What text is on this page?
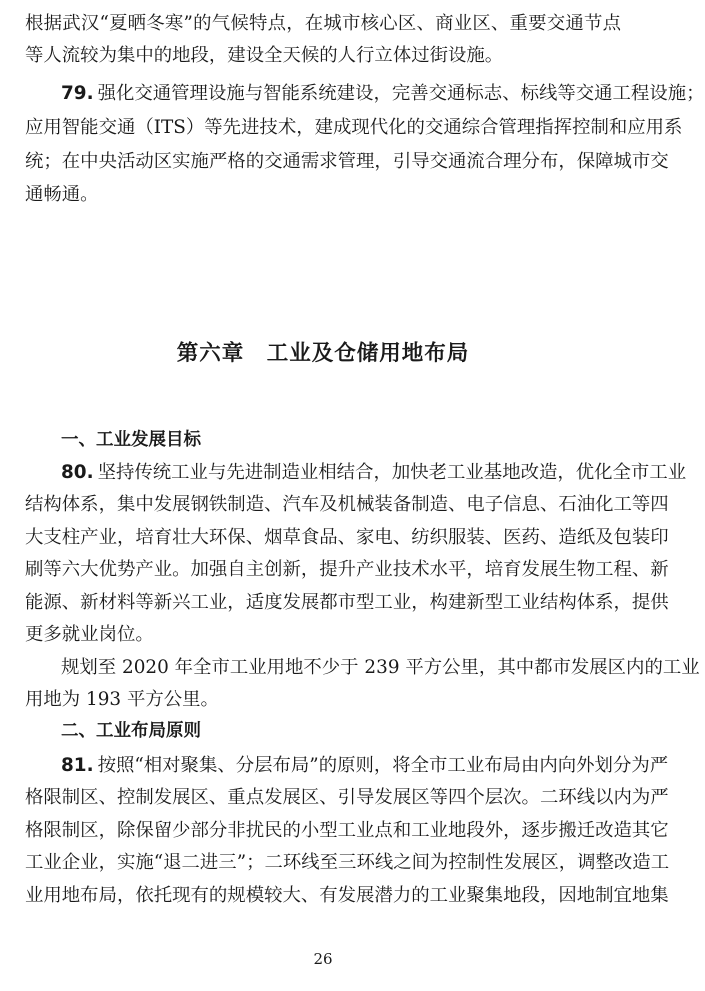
根据武汉“夏晒冬寒”的气候特点，在城市核心区、商业区、重要交通节点
等人流较为集中的地段，建设全天候的人行立体过街设施。
79. 强化交通管理设施与智能系统建设，完善交通标志、标线等交通工程设施；
应用智能交通（ITS）等先进技术，建成现代化的交通综合管理指挥控制和应用系
统；在中央活动区实施严格的交通需求管理，引导交通流合理分布，保障城市交
通畅通。
第六章　工业及仓储用地布局
一、工业发展目标
80. 坚持传统工业与先进制造业相结合，加快老工业基地改造，优化全市工业
结构体系，集中发展钢铁制造、汽车及机械装备制造、电子信息、石油化工等四
大支柱产业，培育壮大环保、烟草食品、家电、纺织服装、医药、造纸及包装印
刷等六大优势产业。加强自主创新，提升产业技术水平，培育发展生物工程、新
能源、新材料等新兴工业，适度发展都市型工业，构建新型工业结构体系，提供
更多就业岗位。
规划至 2020 年全市工业用地不少于 239 平方公里，其中都市发展区内的工业
用地为 193 平方公里。
二、工业布局原则
81. 按照“相对聚集、分层布局”的原则，将全市工业布局由内向外划分为严
格限制区、控制发展区、重点发展区、引导发展区等四个层次。二环线以内为严
格限制区，除保留少部分非扰民的小型工业点和工业地段外，逐步搬迁改造其它
工业企业，实施“退二进三”；二环线至三环线之间为控制性发展区，调整改造工
业用地布局，依托现有的规模较大、有发展潜力的工业聚集地段，因地制宜地集
26
